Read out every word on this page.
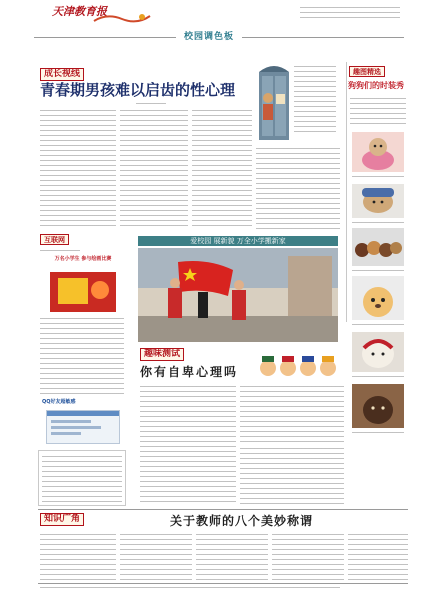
天津教育报
校园调色板
成长视线
青春期男孩难以启齿的性心理
趣图精选
狗狗们的时装秀
互联网
万名小学生 参与绘画比赛
QQ好友超敏感
爱校园 展新貌 万全小学搬新家
趣味测试
你有自卑心理吗
知识广角	关于教师的八个美妙称谓
